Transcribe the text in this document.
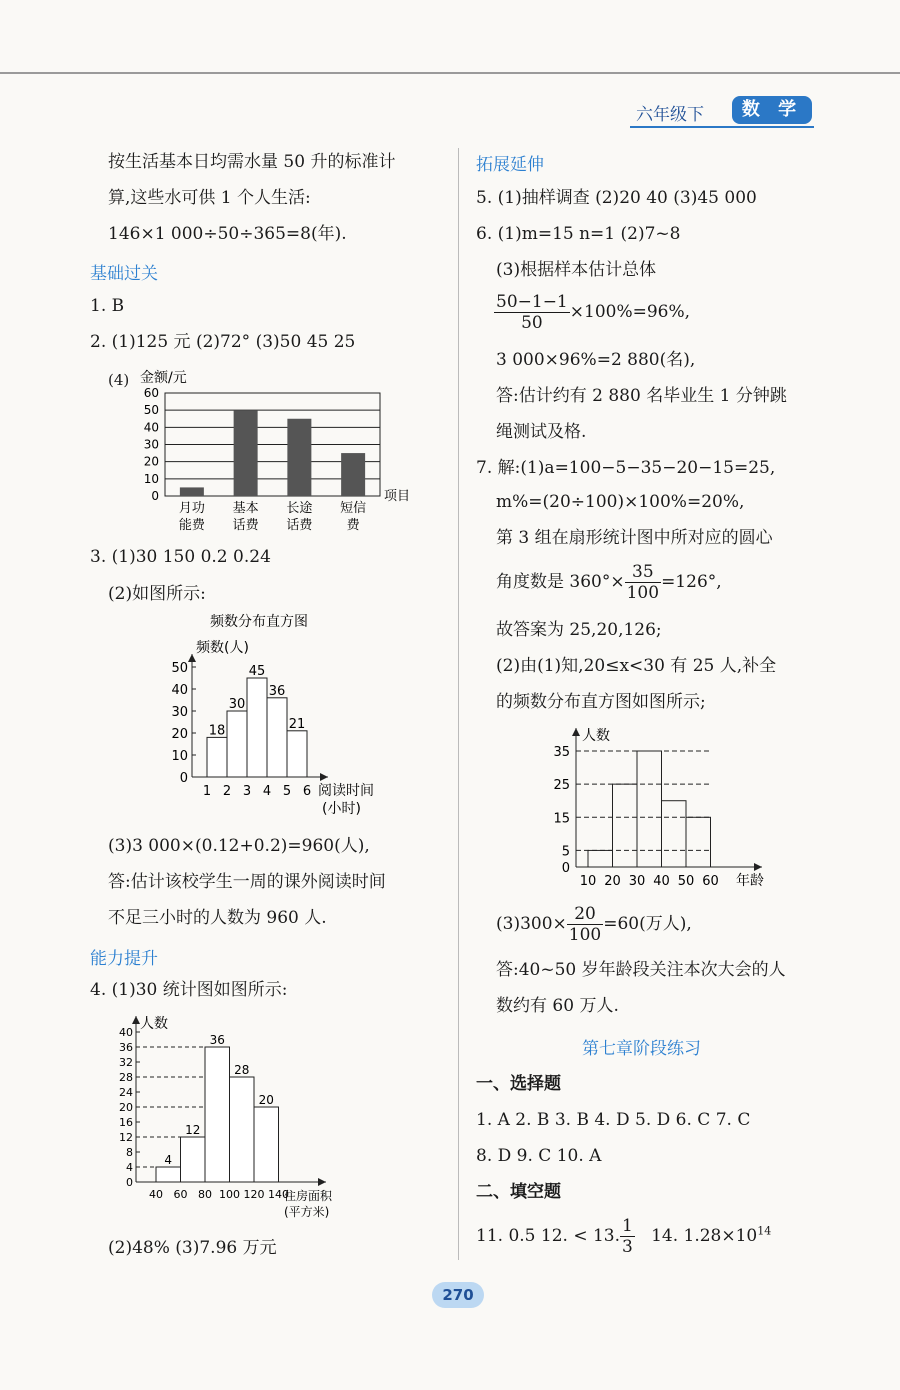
六年级下	数 学
按生活基本日均需水量 50 升的标准计
算,这些水可供 1 个人生活:
146×1 000÷50÷365=8(年).
基础过关
1. B
2. (1)125 元 (2)72° (3)50 45 25
(4) 金额/元
0
10
20
30
40
50
60
月功
能费
基本
话费
长途
话费
短信
费
项目
3. (1)30 150 0.2 0.24
(2)如图所示:
频数分布直方图
频数(人)
0
10
20
30
40
50
18
30
45
36
21
1 2 3 4 5 6 阅读时间
(小时)
(3)3 000×(0.12+0.2)=960(人),
答:估计该校学生一周的课外阅读时间
不足三小时的人数为 960 人.
能力提升
4. (1)30 统计图如图所示:
人数
0
4
8
12
16
20
24
28
32
36
40
4
12
36
28
20
40 60 80 100 120 140
住房面积
(平方米)
(2)48% (3)7.96 万元
拓展延伸
5. (1)抽样调查 (2)20 40 (3)45 000
6. (1)m=15 n=1 (2)7~8
(3)根据样本估计总体
$\frac{50-1-1}{50} \times 100\%=96\%$,
3 000×96%=2 880(名),
答:估计约有 2 880 名毕业生 1 分钟跳
绳测试及格.
7. 解:(1)a=100−5−35−20−15=25,
m%=(20÷100)×100%=20%,
第 3 组在扇形统计图中所对应的圆心
角度数是 $360^\circ\times \frac{35}{100} =126^\circ$,
故答案为 25,20,126;
(2)由(1)知,20≤x<30 有 25 人,补全
的频数分布直方图如图所示;
人数
0
5
15
25
35
10 20 30 40 50 60 年龄
$(3)300\times \frac{20}{100} =60$(万人),
答:40~50 岁年龄段关注本次大会的人
数约有 60 万人.
第七章阶段练习
一、选择题
1. A 2. B 3. B 4. D 5. D 6. C 7. C
8. D 9. C 10. A
二、填空题
11. 0.5 12. < 13. $\frac{1}{3} 14$. $1.28\times 10^{14}$
270
